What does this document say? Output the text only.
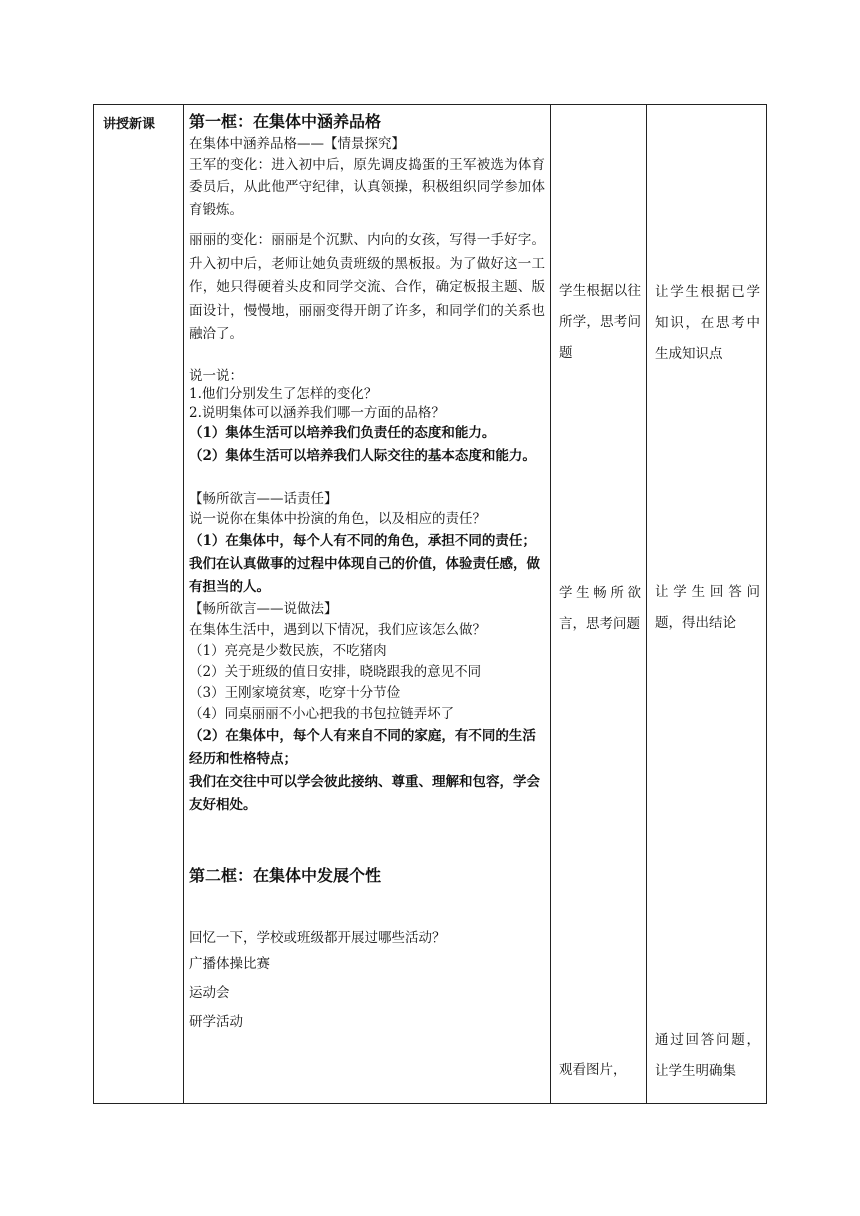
讲授新课	第一框：在集体中涵养品格

在集体中涵养品格——【情景探究】

王军的变化：进入初中后，原先调皮捣蛋的王军被选为体育委员后，从此他严守纪律，认真领操，积极组织同学参加体育锻炼。

丽丽的变化：丽丽是个沉默、内向的女孩，写得一手好字。升入初中后，老师让她负责班级的黑板报。为了做好这一工作，她只得硬着头皮和同学交流、合作，确定板报主题、版面设计，慢慢地，丽丽变得开朗了许多，和同学们的关系也融洽了。

说一说：

1.他们分别发生了怎样的变化？

2.说明集体可以涵养我们哪一方面的品格？

（1）集体生活可以培养我们负责任的态度和能力。

（2）集体生活可以培养我们人际交往的基本态度和能力。

【畅所欲言——话责任】

说一说你在集体中扮演的角色，以及相应的责任？

（1）在集体中，每个人有不同的角色，承担不同的责任；

我们在认真做事的过程中体现自己的价值，体验责任感，做有担当的人。

【畅所欲言——说做法】

在集体生活中，遇到以下情况，我们应该怎么做？

（1）亮亮是少数民族，不吃猪肉

（2）关于班级的值日安排，晓晓跟我的意见不同

（3）王刚家境贫寒，吃穿十分节俭

（4）同桌丽丽不小心把我的书包拉链弄坏了

（2）在集体中，每个人有来自不同的家庭，有不同的生活经历和性格特点；

我们在交往中可以学会彼此接纳、尊重、理解和包容，学会友好相处。

第二框：在集体中发展个性

回忆一下，学校或班级都开展过哪些活动？

广播体操比赛

运动会

研学活动

学生根据以往所学，思考问题
学生畅所欲言，思考问题
观看图片，
让学生根据已学知识，在思考中生成知识点
让学生回答问题，得出结论
通过回答问题，让学生明确集
